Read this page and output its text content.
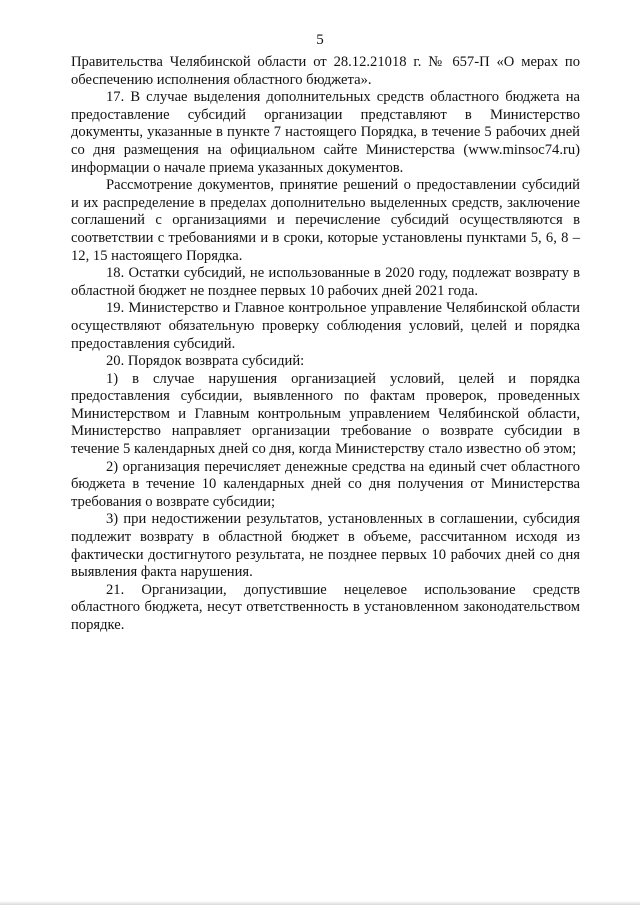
5

Правительства Челябинской области от 28.12.21018 г. № 657-П «О мерах по обеспечению исполнения областного бюджета».

17. В случае выделения дополнительных средств областного бюджета на предоставление субсидий организации представляют в Министерство документы, указанные в пункте 7 настоящего Порядка, в течение 5 рабочих дней со дня размещения на официальном сайте Министерства (www.minsoc74.ru) информации о начале приема указанных документов.

Рассмотрение документов, принятие решений о предоставлении субсидий и их распределение в пределах дополнительно выделенных средств, заключение соглашений с организациями и перечисление субсидий осуществляются в соответствии с требованиями и в сроки, которые установлены пунктами 5, 6, 8 – 12, 15 настоящего Порядка.

18. Остатки субсидий, не использованные в 2020 году, подлежат возврату в областной бюджет не позднее первых 10 рабочих дней 2021 года.

19. Министерство и Главное контрольное управление Челябинской области осуществляют обязательную проверку соблюдения условий, целей и порядка предоставления субсидий.

20. Порядок возврата субсидий:

1) в случае нарушения организацией условий, целей и порядка предоставления субсидии, выявленного по фактам проверок, проведенных Министерством и Главным контрольным управлением Челябинской области, Министерство направляет организации требование о возврате субсидии в течение 5 календарных дней со дня, когда Министерству стало известно об этом;

2) организация перечисляет денежные средства на единый счет областного бюджета в течение 10 календарных дней со дня получения от Министерства требования о возврате субсидии;

3) при недостижении результатов, установленных в соглашении, субсидия подлежит возврату в областной бюджет в объеме, рассчитанном исходя из фактически достигнутого результата, не позднее первых 10 рабочих дней со дня выявления факта нарушения.

21. Организации, допустившие нецелевое использование средств областного бюджета, несут ответственность в установленном законодательством порядке.
